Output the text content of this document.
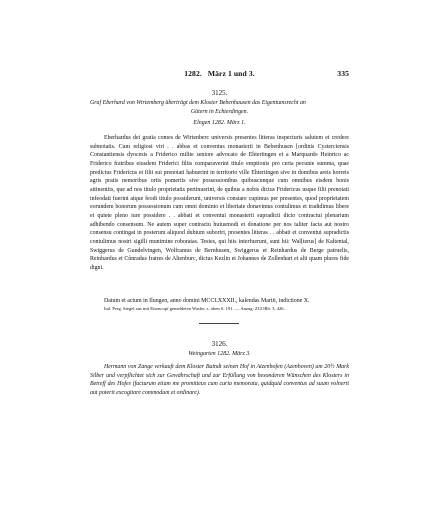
1282. März 1 und 3.	335
3125.

Graf Eberhard von Wirtemberg überträgt dem Kloster Bebenhausen das Eigentumsrecht an

Gütern in Echterdingen.

Elngen 1282. März 1.

Eberhardus dei gratia comes de Wirtenberc universis presentes litteras inspecturis salutem et credere subnotatis. Cum religiosi viri . . abbas et conventus monasterii in Bebenhusen [ordinis Cysterciensis Constantiensis dyocesis a Friderico milite seniore advocato de Ehtertingen et a Marquardo Heinrico ac Friderico fratribus eiusdem Friderici filiis comparaverint titulo emptionis pro certa pecunie summa, quae predictus Fridericus et filii sui prenotati habuerint in territorio ville Ehtertingen sive in domibus areis horreis agris pratis nemoribus ortis pomeriis sive possessionibus quibuscunque cum omnibus eisdem bonis attinentiis, que ad nos titulo proprietatis pertinuerint, de quibus a nobis dictus Fridericus usque filii prenotati infeodati fuerint atque feodi titulo possiderunt, universis constare cupimus per presentes, quod proprietatem eorundem bonorum possessionum cum omni dominio et libertate donavimus contulimus et tradidimus libere et quiete pleno iure possidere . . abbati et conventui monasterii supradicti dicto contractui plenarium adhibendo consensum. Ne autem super contractu huiusmodi et donatione per nos taliter facta aut nostro consensu contingat in posterum aliquod dubium suboriri, presentes litteras . . abbati et conventui supradictis contulimus nostri sigilli munimine roboratas. Testes, qui hiis interfuerunt, sunt hii: Wal[terus] de Kaltental, Swiggerus de Gundelvingen, Wolframus de Bernhusen, Swiggerus et Reinhardus de Berge patruelis, Reinhardus et Cůnradus fratres de Altenburc, dictus Kezlin et Johannes de Zollenhart et alii quam plures fide digni.

Datum et actum in Ilungen, anno domini MCCLXXXII., kalendas Martii, indictione X.

Ital. Perg. Siegel aus mit Eisencopf gemeldeten Wache, s. oben S. 191. — Anzug: ZGORh. 3, 426.

3126.
Weingarten 1282. März 3.

Hermann von Zange verkauft dem Kloster Baindt seinen Hof in Atzenhofen (Azenhoven) um 20½ Mark Silber und verpflichtet sich zur Gewährschaft und zur Erfüllung von besonderen Wünschen des Klosters in Betreff des Hofes (facturum etiam me promitteus cum curia memorata, quidquid conventus ad suum volnerit aut poterit excogitare commodum et ordinare).
